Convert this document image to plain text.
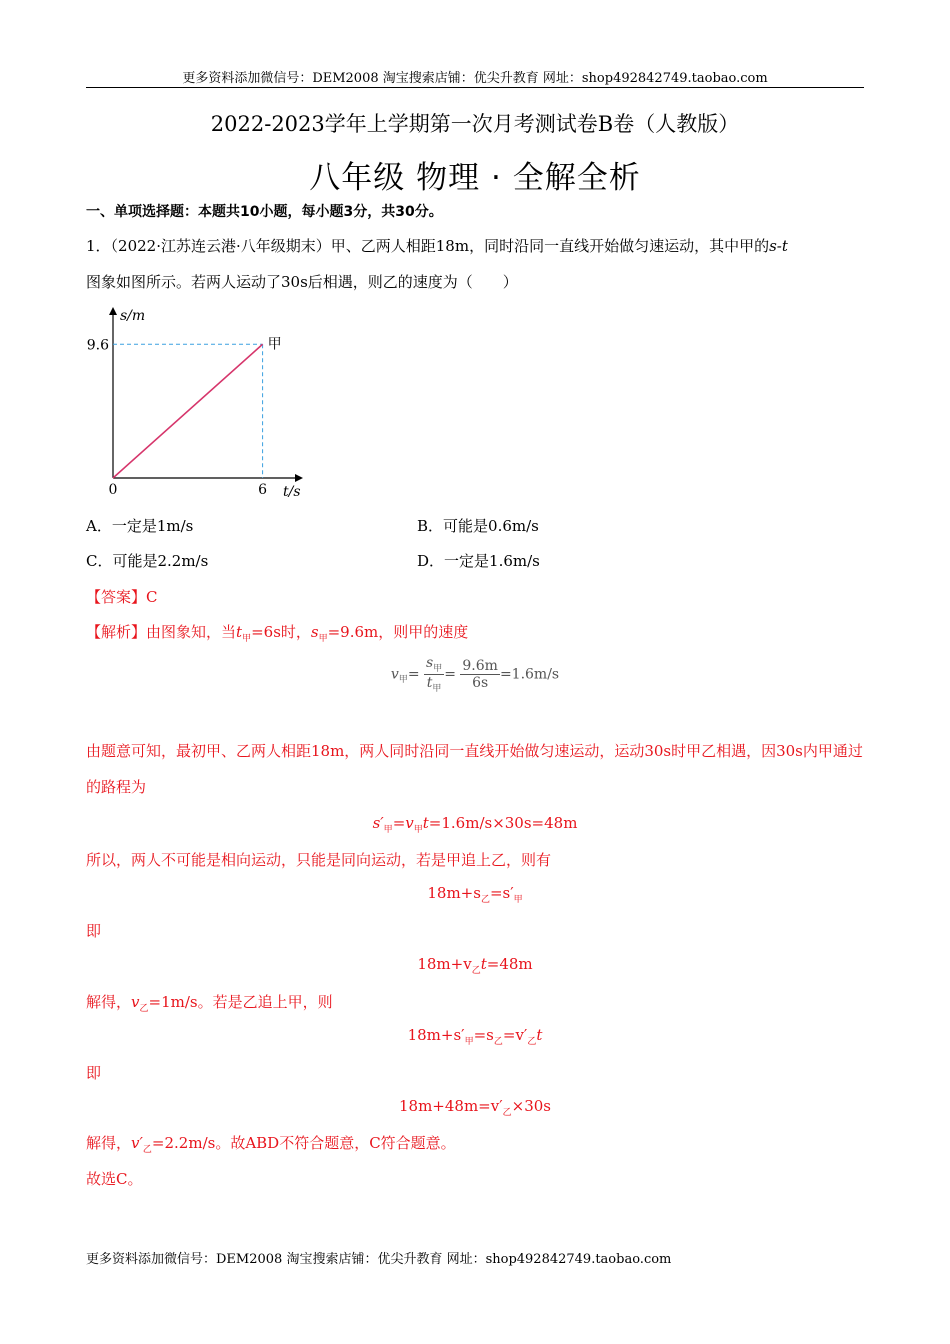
更多资料添加微信号：DEM2008 淘宝搜索店铺：优尖升教育 网址：shop492842749.taobao.com
2022-2023学年上学期第一次月考测试卷B卷（人教版）
八年级 物理 · 全解全析
一、单项选择题：本题共10小题，每小题3分，共30分。
1．（2022·江苏连云港·八年级期末）甲、乙两人相距18m，同时沿同一直线开始做匀速运动，其中甲的s-t
图象如图所示。若两人运动了30s后相遇，则乙的速度为（　　）
s/m
t/s
甲
9.6
0	6
A．一定是1m/s	B．可能是0.6m/s
C．可能是2.2m/s	D．一定是1.6m/s
【答案】C
【解析】由图象知，当$t_甲=6s$时，$s_甲=9.6m$，则甲的速度
$v_甲= \frac{s_甲}{t_甲} = \frac{9.6m}{6s} =1.6m/s$
由题意可知，最初甲、乙两人相距18m，两人同时沿同一直线开始做匀速运动，运动30s时甲乙相遇，因30s内甲通过的路程为
$s'_甲=v_甲t=1.6m/s\times 30s=48m$
所以，两人不可能是相向运动，只能是同向运动，若是甲追上乙，则有
$18m+s_乙=s'_甲$
即
$18m+v_乙t=48m$
解得，$v_乙=1m/s$。若是乙追上甲，则
$18m+s'_甲=s_乙=v'_乙t$
即
$18m+48m=v'_乙\times 30s$
解得，$v'_乙=2.2m/s$。故ABD不符合题意，C符合题意。
故选C。
更多资料添加微信号：DEM2008 淘宝搜索店铺：优尖升教育 网址：shop492842749.taobao.com
